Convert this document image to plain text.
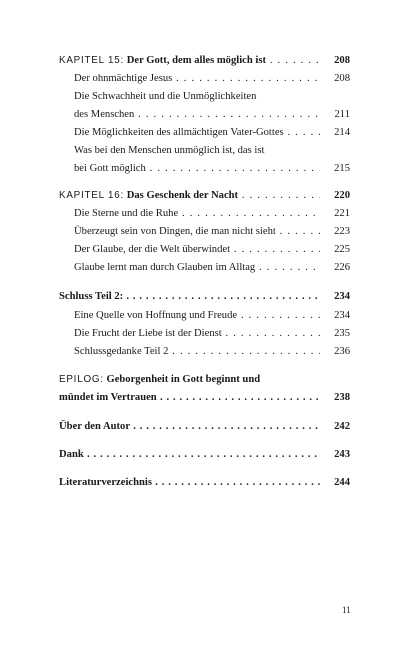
KAPITEL 15: Der Gott, dem alles möglich ist . . .	208
Der ohnmächtige Jesus . . .	208
Die Schwachheit und die Unmöglichkeiten
des Menschen . . .	211
Die Möglichkeiten des allmächtigen Vater-Gottes . . .	214
Was bei den Menschen unmöglich ist, das ist
bei Gott möglich . . .	215
KAPITEL 16: Das Geschenk der Nacht . . .	220
Die Sterne und die Ruhe . . .	221
Überzeugt sein von Dingen, die man nicht sieht . . .	223
Der Glaube, der die Welt überwindet . . .	225
Glaube lernt man durch Glauben im Alltag . . .	226
Schluss Teil 2: . . .	234
Eine Quelle von Hoffnung und Freude . . .	234
Die Frucht der Liebe ist der Dienst . . .	235
Schlussgedanke Teil 2 . . .	236
EPILOG: Geborgenheit in Gott beginnt und
mündet im Vertrauen . . .	238
Über den Autor . . .	242
Dank . . .	243
Literaturverzeichnis . . .	244
11
